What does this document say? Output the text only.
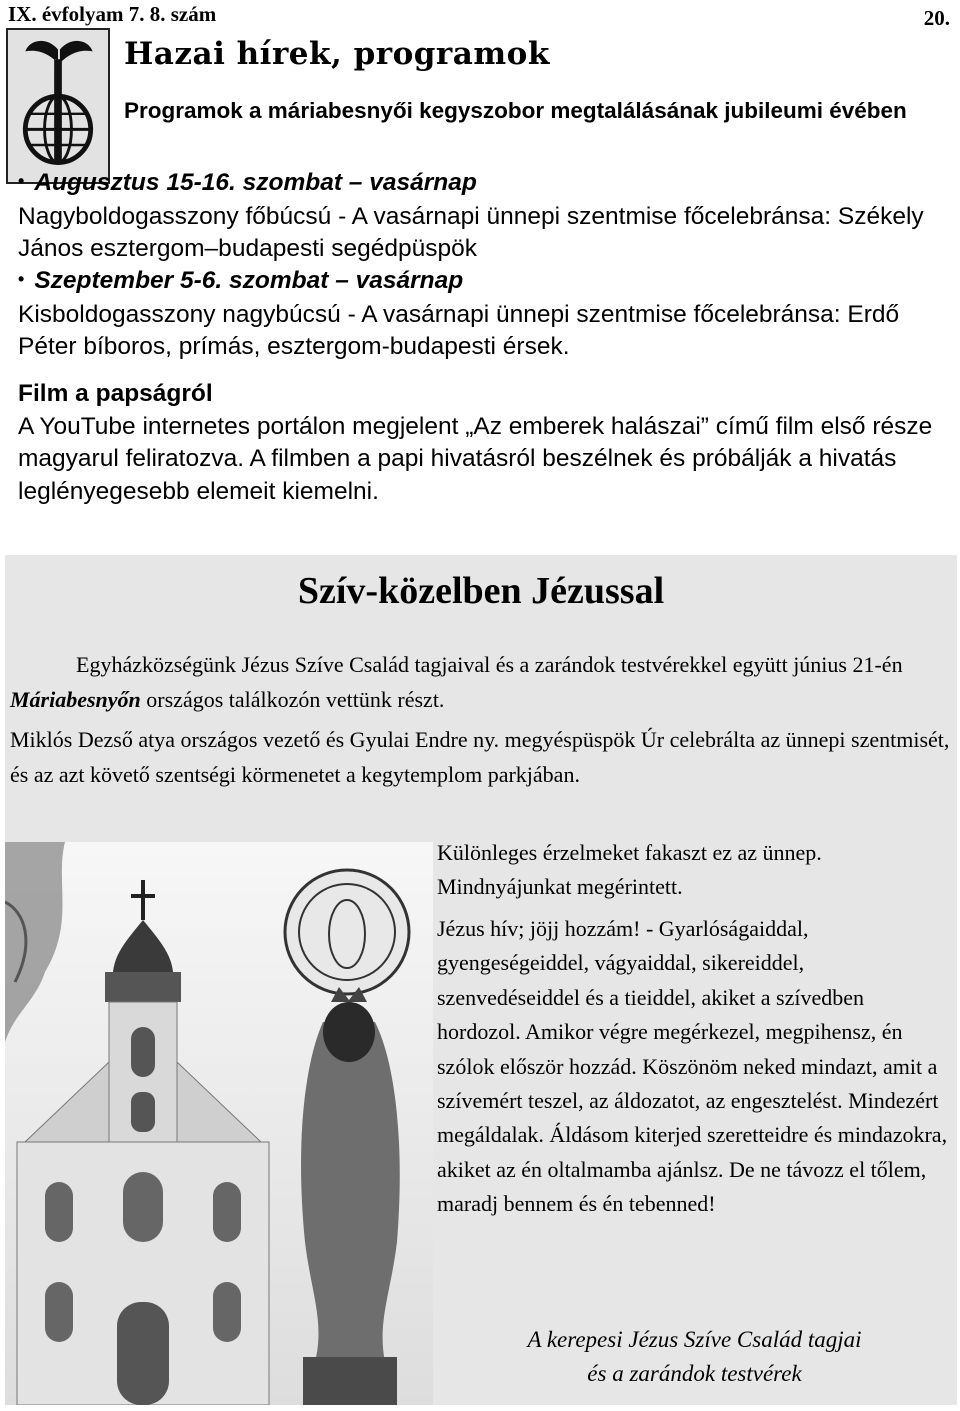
IX. évfolyam 7. 8. szám	20.
Hazai hírek, programok
Programok a máriabesnyői kegyszobor megtalálásának jubileumi évében
• Augusztus 15-16. szombat – vasárnap
Nagyboldogasszony főbúcsú - A vasárnapi ünnepi szentmise főcelebránsa: Székely János esztergom–budapesti segédpüspök
• Szeptember 5-6. szombat – vasárnap
Kisboldogasszony nagybúcsú - A vasárnapi ünnepi szentmise főcelebránsa: Erdő Péter bíboros, prímás, esztergom-budapesti érsek.
Film a papságról
A YouTube internetes portálon megjelent „Az emberek halászai” című film első része magyarul feliratozva. A filmben a papi hivatásról beszélnek és próbálják a hivatás leglényegesebb elemeit kiemelni.
Szív-közelben Jézussal
Egyházközségünk Jézus Szíve Család tagjaival és a zarándok testvérekkel együtt június 21-én Máriabesnyőn országos találkozón vettünk részt.
Miklós Dezső atya országos vezető és Gyulai Endre ny. megyéspüspök Úr celebrálta az ünnepi szentmisét, és az azt követő szentségi körmenetet a kegytemplom parkjában.
Különleges érzelmeket fakaszt ez az ünnep. Mindnyájunkat megérintett.
Jézus hív; jöjj hozzám! - Gyarlóságaiddal, gyengeségeiddel, vágyaiddal, sikereiddel, szenvedéseiddel és a tieiddel, akiket a szívedben hordozol. Amikor végre megérkezel, megpihensz, én szólok először hozzád. Köszönöm neked mindazt, amit a szívemért teszel, az áldozatot, az engesztelést. Mindezért megáldalak. Áldásom kiterjed szeretteidre és mindazokra, akiket az én oltalmamba ajánlsz. De ne távozz el tőlem, maradj bennem és én tebenned!
A kerepesi Jézus Szíve Család tagjai
és a zarándok testvérek
